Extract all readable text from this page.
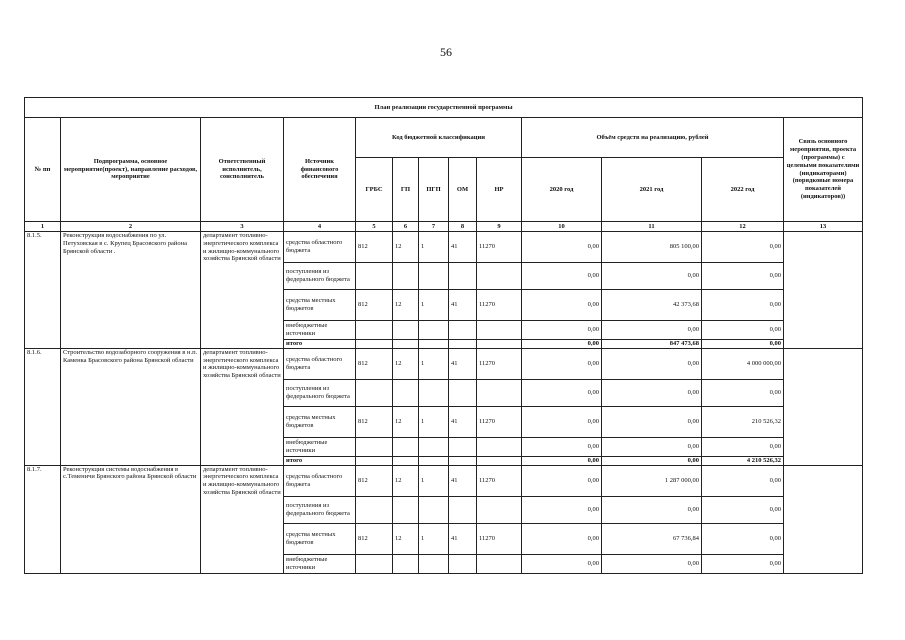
56
План реализации государственной программы												
№ пп	Подпрограмма, основное мероприятие(проект), направление расходов, мероприятие	Ответственный исполнитель, соисполнитель	Источник финансового обеспечения	Код бюджетной классификации					Объём средств на реализацию, рублей			Связь основного мероприятия, проекта (программы) с целевыми показателями (индикаторами) (порядковые номера показателей (индикаторов))
				ГРБС	ГП	ПГП	ОМ	НР	2020 год	2021 год	2022 год	
1	2	3	4	5	6	7	8	9	10	11	12	13
8.1.5.	Реконструкция водоснабжения по ул. Петуховская в с. Крупец Брасовского района Брянской области .	департамент топливно-энергетического комплекса и жилищно-коммунального хозяйства Брянской области	средства областного бюджета	812	12	1	41	11270	0,00	805 100,00	0,00	
			поступления из федерального бюджета						0,00	0,00	0,00	
			средства местных бюджетов	812	12	1	41	11270	0,00	42 373,68	0,00	
			внебюджетные источники						0,00	0,00	0,00	
			итого						0,00	847 473,68	0,00	
8.1.6.	Строительство водозаборного сооружения в н.п. Каменка Брасовского района Брянской области	департамент топливно-энергетического комплекса и жилищно-коммунального хозяйства Брянской области	средства областного бюджета	812	12	1	41	11270	0,00	0,00	4 000 000,00	
			поступления из федерального бюджета						0,00	0,00	0,00	
			средства местных бюджетов	812	12	1	41	11270	0,00	0,00	210 526,32	
			внебюджетные источники						0,00	0,00	0,00	
			итого						0,00	0,00	4 210 526,32	
8.1.7.	Реконструкция системы водоснабжения в с.Теменичи Брянского района Брянской области	департамент топливно-энергетического комплекса и жилищно-коммунального хозяйства Брянской области	средства областного бюджета	812	12	1	41	11270	0,00	1 287 000,00	0,00	
			поступления из федерального бюджета						0,00	0,00	0,00	
			средства местных бюджетов	812	12	1	41	11270	0,00	67 736,84	0,00	
			внебюджетные источники						0,00	0,00	0,00	
